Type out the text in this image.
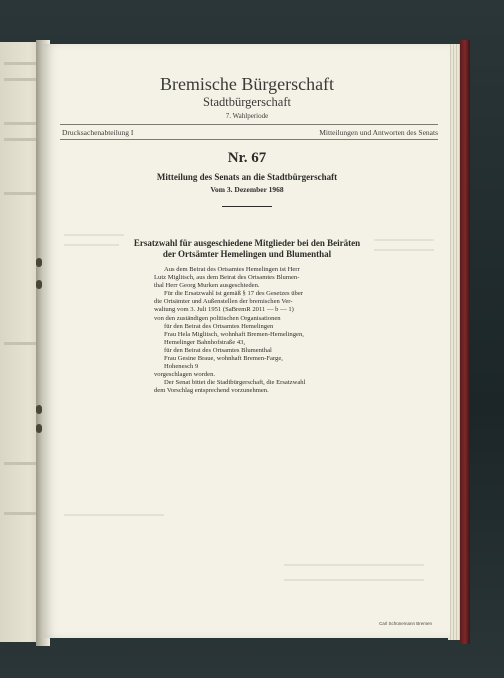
Bremische Bürgerschaft
Stadtbürgerschaft
7. Wahlperiode
Drucksachenabteilung I	Mitteilungen und Antworten des Senats
Nr. 67
Mitteilung des Senats an die Stadtbürgerschaft
Vom 3. Dezember 1968
Ersatzwahl für ausgeschiedene Mitglieder bei den Beiräten
der Ortsämter Hemelingen und Blumenthal
Aus dem Beirat des Ortsamtes Hemelingen ist Herr
Lutz Miglitsch, aus dem Beirat des Ortsamtes Blumen-
thal Herr Georg Murken ausgeschieden.
Für die Ersatzwahl ist gemäß § 17 des Gesetzes über
die Ortsämter und Außenstellen der bremischen Ver-
waltung vom 3. Juli 1951 (SaBremR 2011 — b — 1)
von den zuständigen politischen Organisationen
für den Beirat des Ortsamtes Hemelingen
Frau Hela Miglitsch, wohnhaft Bremen-Hemelingen,
Hemelinger Bahnhofstraße 43,
für den Beirat des Ortsamtes Blumenthal
Frau Gesine Braue, wohnhaft Bremen-Farge,
Hohenesch 9
vorgeschlagen worden.
Der Senat bittet die Stadtbürgerschaft, die Ersatzwahl
dem Vorschlag entsprechend vorzunehmen.
Carl Schünemann Bremen
